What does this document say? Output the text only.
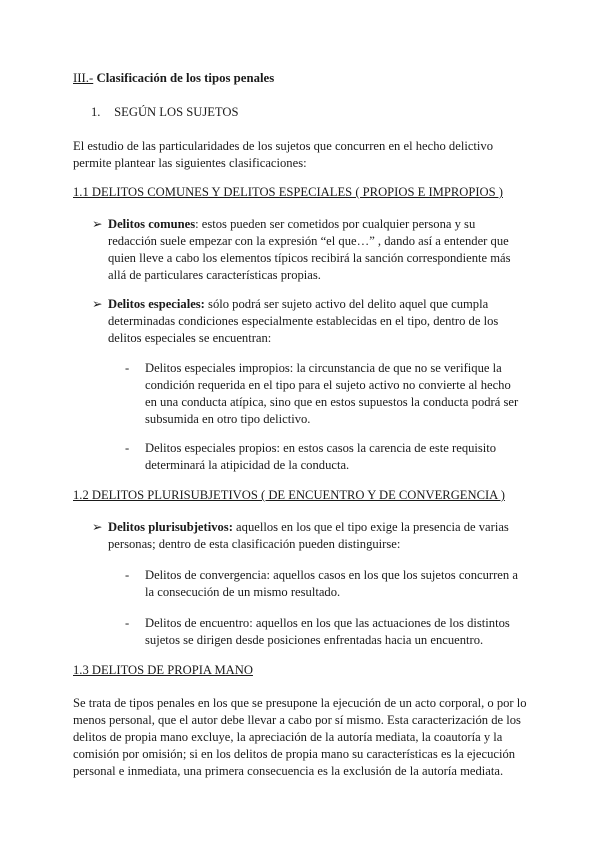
III.- Clasificación de los tipos penales

1. SEGÚN LOS SUJETOS

El estudio de las particularidades de los sujetos que concurren en el hecho delictivo permite plantear las siguientes clasificaciones:

1.1 DELITOS COMUNES Y DELITOS ESPECIALES ( PROPIOS E IMPROPIOS )

➢ Delitos comunes: estos pueden ser cometidos por cualquier persona y su redacción suele empezar con la expresión “el que…” , dando así a entender que quien lleve a cabo los elementos típicos recibirá la sanción correspondiente más allá de particulares características propias.
➢ Delitos especiales: sólo podrá ser sujeto activo del delito aquel que cumpla determinadas condiciones especialmente establecidas en el tipo, dentro de los delitos especiales se encuentran:
- Delitos especiales impropios: la circunstancia de que no se verifique la condición requerida en el tipo para el sujeto activo no convierte al hecho en una conducta atípica, sino que en estos supuestos la conducta podrá ser subsumida en otro tipo delictivo.
- Delitos especiales propios: en estos casos la carencia de este requisito determinará la atipicidad de la conducta.

1.2 DELITOS PLURISUBJETIVOS ( DE ENCUENTRO Y DE CONVERGENCIA )

➢ Delitos plurisubjetivos: aquellos en los que el tipo exige la presencia de varias personas; dentro de esta clasificación pueden distinguirse:
- Delitos de convergencia: aquellos casos en los que los sujetos concurren a la consecución de un mismo resultado.
- Delitos de encuentro: aquellos en los que las actuaciones de los distintos sujetos se dirigen desde posiciones enfrentadas hacia un encuentro.

1.3 DELITOS DE PROPIA MANO

Se trata de tipos penales en los que se presupone la ejecución de un acto corporal, o por lo menos personal, que el autor debe llevar a cabo por sí mismo. Esta caracterización de los delitos de propia mano excluye, la apreciación de la autoría mediata, la coautoría y la comisión por omisión; si en los delitos de propia mano su características es la ejecución personal e inmediata, una primera consecuencia es la exclusión de la autoría mediata.
